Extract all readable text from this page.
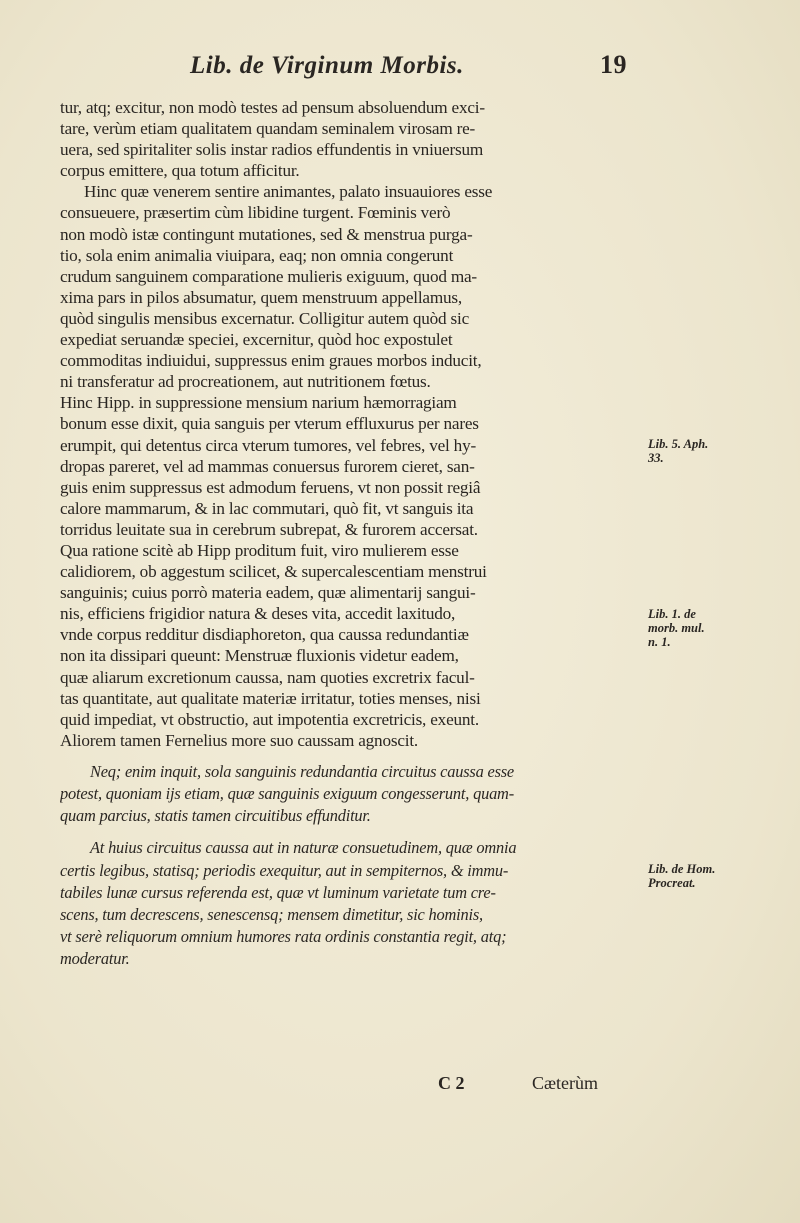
Lib. de Virginum Morbis.	19
tur, atq; excitur, non modò testes ad pensum absoluendum exci-
tare, verùm etiam qualitatem quandam seminalem virosam re-
uera, sed spiritaliter solis instar radios effundentis in vniuersum
corpus emittere, qua totum afficitur.
Hinc quæ venerem sentire animantes, palato insuauiores esse
consueuere, præsertim cùm libidine turgent. Fœminis verò
non modò istæ contingunt mutationes, sed & menstrua purga-
tio, sola enim animalia viuipara, eaq; non omnia congerunt
crudum sanguinem comparatione mulieris exiguum, quod ma-
xima pars in pilos absumatur, quem menstruum appellamus,
quòd singulis mensibus excernatur. Colligitur autem quòd sic
expediat seruandæ speciei, excernitur, quòd hoc expostulet
commoditas indiuidui, suppressus enim graues morbos inducit,
ni transferatur ad procreationem, aut nutritionem fœtus.
Hinc Hipp. in suppressione mensium narium hæmorragiam
bonum esse dixit, quia sanguis per vterum effluxurus per nares
erumpit, qui detentus circa vterum tumores, vel febres, vel hy-
dropas pareret, vel ad mammas conuersus furorem cieret, san-
guis enim suppressus est admodum feruens, vt non possit regiâ
calore mammarum, & in lac commutari, quò fit, vt sanguis ita
torridus leuitate sua in cerebrum subrepat, & furorem accersat.
Qua ratione scitè ab Hipp proditum fuit, viro mulierem esse
calidiorem, ob aggestum scilicet, & supercalescentiam menstrui
sanguinis; cuius porrò materia eadem, quæ alimentarij sangui-
nis, efficiens frigidior natura & deses vita, accedit laxitudo,
vnde corpus redditur disdiaphoreton, qua caussa redundantiæ
non ita dissipari queunt: Menstruæ fluxionis videtur eadem,
quæ aliarum excretionum caussa, nam quoties excretrix facul-
tas quantitate, aut qualitate materiæ irritatur, toties menses, nisi
quid impediat, vt obstructio, aut impotentia excretricis, exeunt.
Aliorem tamen Fernelius more suo caussam agnoscit.
Neq; enim inquit, sola sanguinis redundantia circuitus caussa esse
potest, quoniam ijs etiam, quæ sanguinis exiguum congesserunt, quam-
quam parcius, statis tamen circuitibus effunditur.
At huius circuitus caussa aut in naturæ consuetudinem, quæ omnia
certis legibus, statisq; periodis exequitur, aut in sempiternos, & immu-
tabiles lunæ cursus referenda est, quæ vt luminum varietate tum cre-
scens, tum decrescens, senescensq; mensem dimetitur, sic hominis,
vt serè reliquorum omnium humores rata ordinis constantia regit, atq;
moderatur.
Lib. 5. Aph.
33.
Lib. 1. de
morb. mul.
n. 1.
Lib. de Hom.
Procreat.
C 2	Cæterùm
